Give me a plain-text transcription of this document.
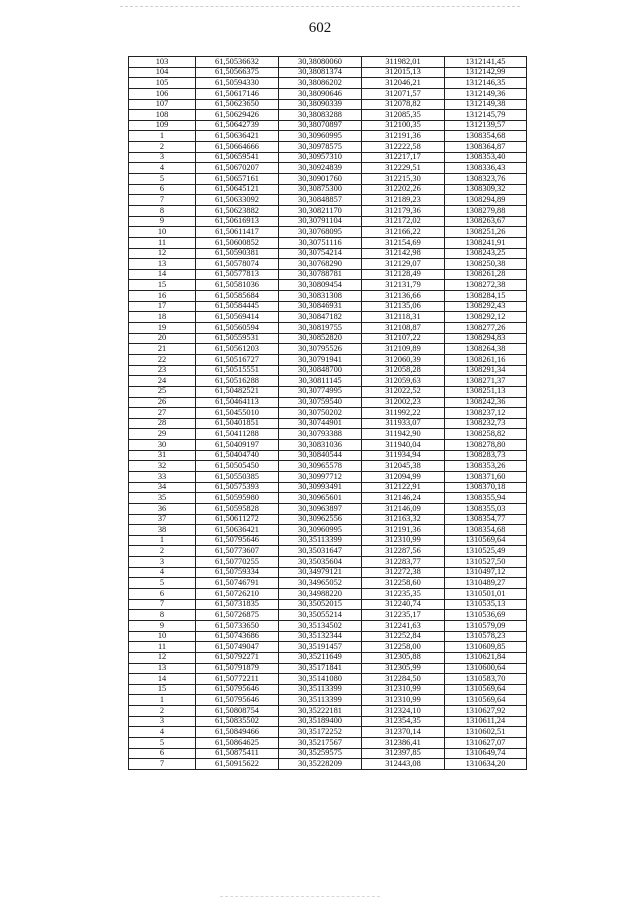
602
103	61,50536632	30,38080060	311982,01	1312141,45
104	61,50566375	30,38081374	312015,13	1312142,99
105	61,50594330	30,38086202	312046,21	1312146,35
106	61,50617146	30,38090646	312071,57	1312149,36
107	61,50623650	30,38090339	312078,82	1312149,38
108	61,50629426	30,38083288	312085,35	1312145,79
109	61,50642739	30,38070897	312100,35	1312139,57
1	61,50636421	30,30960995	312191,36	1308354,68
2	61,50664666	30,30978575	312222,58	1308364,87
3	61,50659541	30,30957310	312217,17	1308353,40
4	61,50670207	30,30924839	312229,51	1308336,43
5	61,50657161	30,30901760	312215,30	1308323,76
6	61,50645121	30,30875300	312202,26	1308309,32
7	61,50633092	30,30848857	312189,23	1308294,89
8	61,50623882	30,30821170	312179,36	1308279,88
9	61,50616913	30,30791104	312172,02	1308263,67
10	61,50611417	30,30768095	312166,22	1308251,26
11	61,50600852	30,30751116	312154,69	1308241,91
12	61,50590381	30,30754214	312142,98	1308243,25
13	61,50578074	30,30768290	312129,07	1308250,38
14	61,50577813	30,30788781	312128,49	1308261,28
15	61,50581036	30,30809454	312131,79	1308272,38
16	61,50585684	30,30831308	312136,66	1308284,15
17	61,50584445	30,30846931	312135,06	1308292,43
18	61,50569414	30,30847182	312118,31	1308292,12
19	61,50560594	30,30819755	312108,87	1308277,26
20	61,50559531	30,30852820	312107,22	1308294,83
21	61,50561203	30,30795526	312109,89	1308264,38
22	61,50516727	30,30791941	312060,39	1308261,16
23	61,50515551	30,30848700	312058,28	1308291,34
24	61,50516288	30,30811145	312059,63	1308271,37
25	61,50482521	30,30774995	312022,52	1308251,13
26	61,50464113	30,30759540	312002,23	1308242,36
27	61,50455010	30,30750202	311992,22	1308237,12
28	61,50401851	30,30744901	311933,07	1308232,73
29	61,50411288	30,30793388	311942,90	1308258,82
30	61,50409197	30,30831036	311940,04	1308278,80
31	61,50404740	30,30840544	311934,94	1308283,73
32	61,50505450	30,30965578	312045,38	1308353,26
33	61,50550385	30,30997712	312094,99	1308371,60
34	61,50575393	30,30993491	312122,91	1308370,18
35	61,50595980	30,30965601	312146,24	1308355,94
36	61,50595828	30,30963897	312146,09	1308355,03
37	61,50611272	30,30962556	312163,32	1308354,77
38	61,50636421	30,30960995	312191,36	1308354,68
1	61,50795646	30,35113399	312310,99	1310569,64
2	61,50773607	30,35031647	312287,56	1310525,49
3	61,50770255	30,35035604	312283,77	1310527,50
4	61,50759334	30,34979121	312272,38	1310497,12
5	61,50746791	30,34965052	312258,60	1310489,27
6	61,50726210	30,34988220	312235,35	1310501,01
7	61,50731835	30,35052015	312240,74	1310535,13
8	61,50726875	30,35055214	312235,17	1310536,69
9	61,50733650	30,35134502	312241,63	1310579,09
10	61,50743686	30,35132344	312252,84	1310578,23
11	61,50749047	30,35191457	312258,00	1310609,85
12	61,50792271	30,35211649	312305,88	1310621,84
13	61,50791879	30,35171841	312305,99	1310600,64
14	61,50772211	30,35141080	312284,50	1310583,70
15	61,50795646	30,35113399	312310,99	1310569,64
1	61,50795646	30,35113399	312310,99	1310569,64
2	61,50808754	30,35222181	312324,10	1310627,92
3	61,50835502	30,35189400	312354,35	1310611,24
4	61,50849466	30,35172252	312370,14	1310602,51
5	61,50864625	30,35217567	312386,41	1310627,07
6	61,50875411	30,35259575	312397,85	1310649,74
7	61,50915622	30,35228209	312443,08	1310634,20
